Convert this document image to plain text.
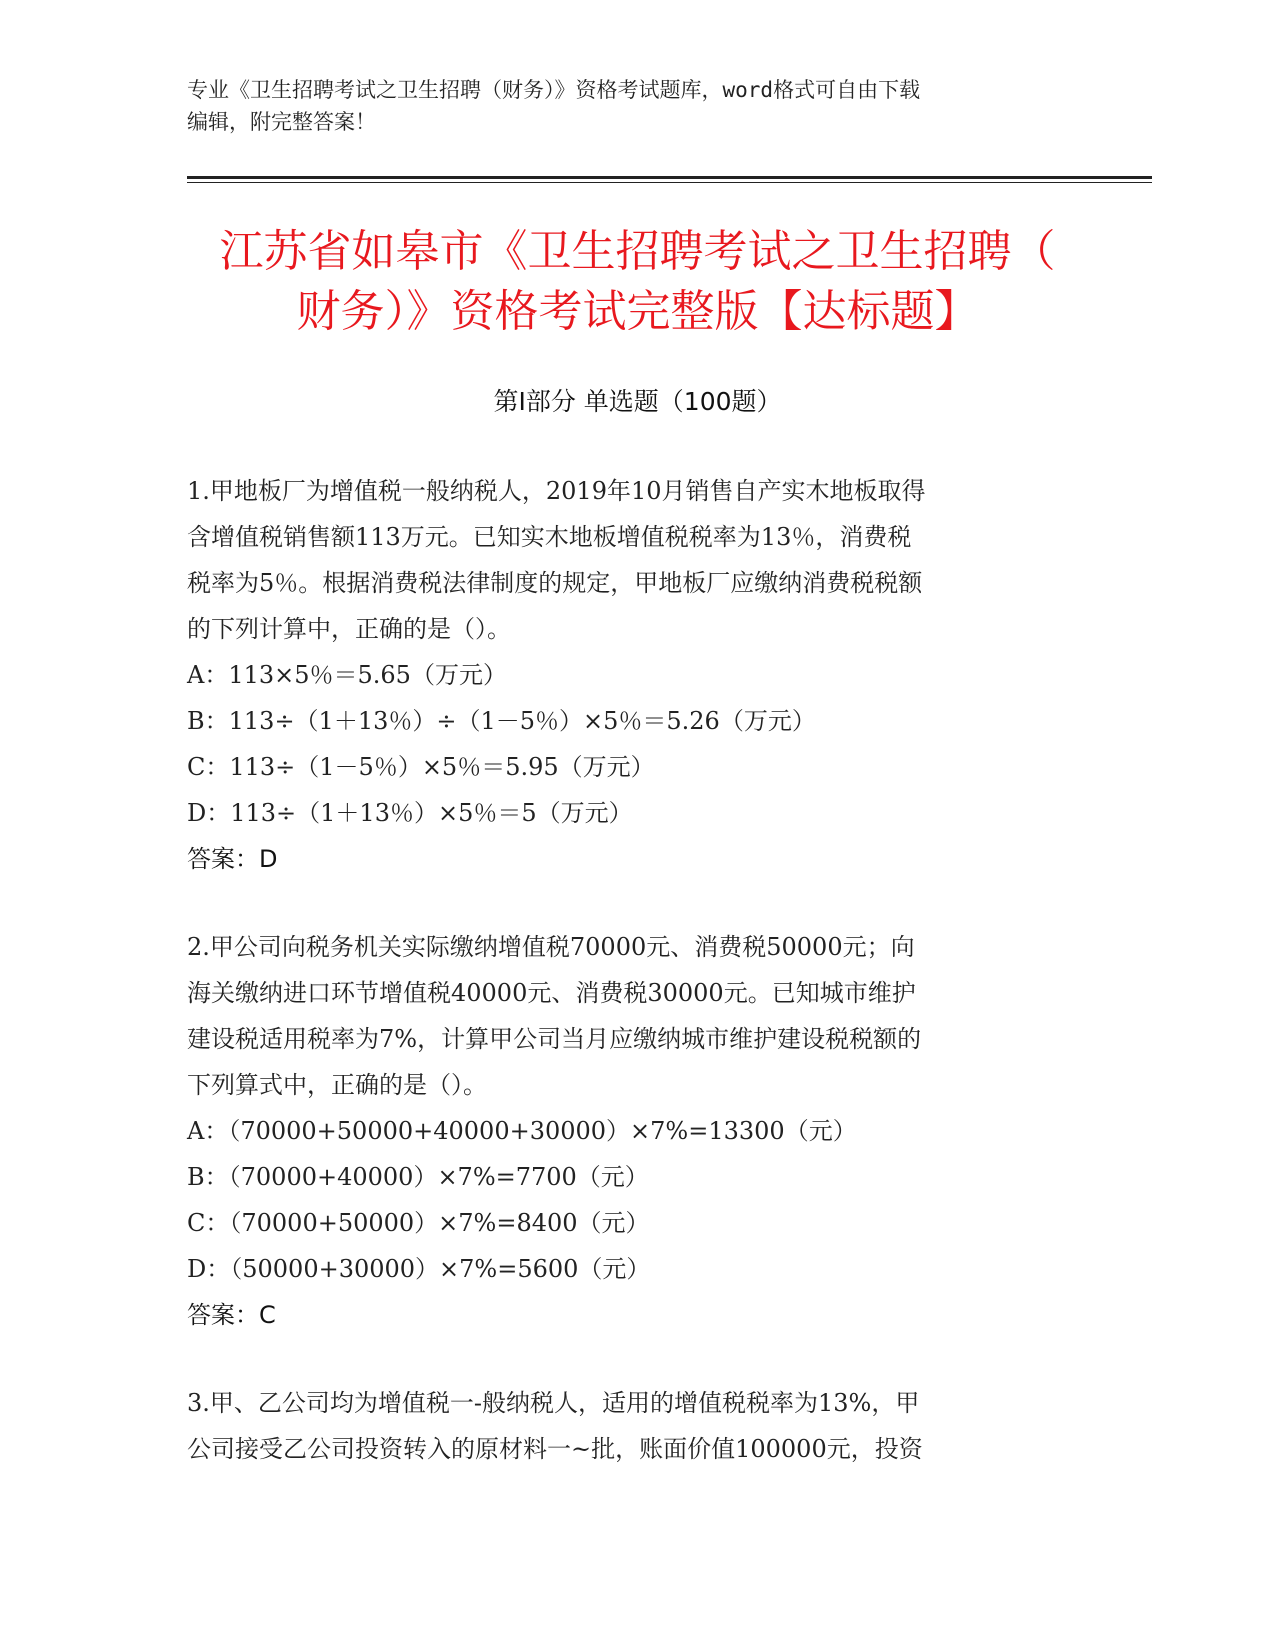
专业《卫生招聘考试之卫生招聘（财务）》资格考试题库，word格式可自由下载

编辑，附完整答案！

江苏省如皋市《卫生招聘考试之卫生招聘（

财务）》资格考试完整版【达标题】

第Ⅰ部分 单选题（100题）

1.甲地板厂为增值税一般纳税人，2019年10月销售自产实木地板取得

含增值税销售额113万元。已知实木地板增值税税率为13％，消费税

税率为5％。根据消费税法律制度的规定，甲地板厂应缴纳消费税税额

的下列计算中，正确的是（）。

A：113×5％＝5.65（万元）

B：113÷（1＋13％）÷（1－5％）×5％＝5.26（万元）

C：113÷（1－5％）×5％＝5.95（万元）

D：113÷（1＋13％）×5％＝5（万元）

答案：D

2.甲公司向税务机关实际缴纳增值税70000元、消费税50000元；向

海关缴纳进口环节增值税40000元、消费税30000元。已知城市维护

建设税适用税率为7%，计算甲公司当月应缴纳城市维护建设税税额的

下列算式中，正确的是（）。

A：（70000+50000+40000+30000）×7%=13300（元）

B：（70000+40000）×7%=7700（元）

C：（70000+50000）×7%=8400（元）

D：（50000+30000）×7%=5600（元）

答案：C

3.甲、乙公司均为增值税一-般纳税人，适用的增值税税率为13%，甲

公司接受乙公司投资转入的原材料一~批，账面价值100000元，投资
